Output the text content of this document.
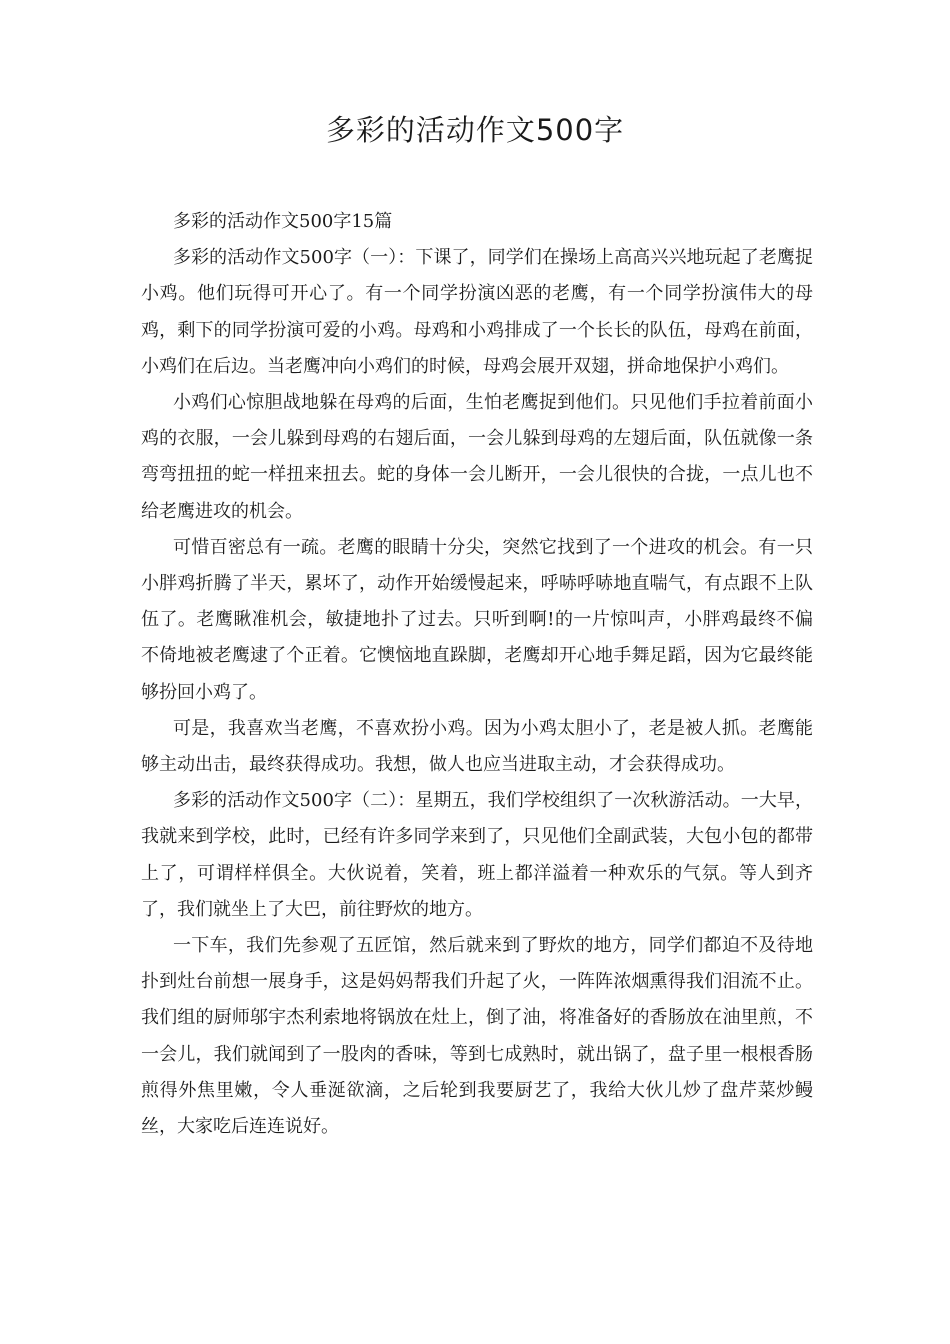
多彩的活动作文500字

多彩的活动作文500字15篇

多彩的活动作文500字（一）：下课了，同学们在操场上高高兴兴地玩起了老鹰捉小鸡。他们玩得可开心了。有一个同学扮演凶恶的老鹰，有一个同学扮演伟大的母鸡，剩下的同学扮演可爱的小鸡。母鸡和小鸡排成了一个长长的队伍，母鸡在前面，小鸡们在后边。当老鹰冲向小鸡们的时候，母鸡会展开双翅，拼命地保护小鸡们。

小鸡们心惊胆战地躲在母鸡的后面，生怕老鹰捉到他们。只见他们手拉着前面小鸡的衣服，一会儿躲到母鸡的右翅后面，一会儿躲到母鸡的左翅后面，队伍就像一条弯弯扭扭的蛇一样扭来扭去。蛇的身体一会儿断开，一会儿很快的合拢，一点儿也不给老鹰进攻的机会。

可惜百密总有一疏。老鹰的眼睛十分尖，突然它找到了一个进攻的机会。有一只小胖鸡折腾了半天，累坏了，动作开始缓慢起来，呼哧呼哧地直喘气，有点跟不上队伍了。老鹰瞅准机会，敏捷地扑了过去。只听到啊!的一片惊叫声，小胖鸡最终不偏不倚地被老鹰逮了个正着。它懊恼地直跺脚，老鹰却开心地手舞足蹈，因为它最终能够扮回小鸡了。

可是，我喜欢当老鹰，不喜欢扮小鸡。因为小鸡太胆小了，老是被人抓。老鹰能够主动出击，最终获得成功。我想，做人也应当进取主动，才会获得成功。

多彩的活动作文500字（二）：星期五，我们学校组织了一次秋游活动。一大早，我就来到学校，此时，已经有许多同学来到了，只见他们全副武装，大包小包的都带上了，可谓样样俱全。大伙说着，笑着，班上都洋溢着一种欢乐的气氛。等人到齐了，我们就坐上了大巴，前往野炊的地方。

一下车，我们先参观了五匠馆，然后就来到了野炊的地方，同学们都迫不及待地扑到灶台前想一展身手，这是妈妈帮我们升起了火，一阵阵浓烟熏得我们泪流不止。我们组的厨师邬宇杰利索地将锅放在灶上，倒了油，将准备好的香肠放在油里煎，不一会儿，我们就闻到了一股肉的香味，等到七成熟时，就出锅了，盘子里一根根香肠煎得外焦里嫩，令人垂涎欲滴，之后轮到我要厨艺了，我给大伙儿炒了盘芹菜炒鳗丝，大家吃后连连说好。
